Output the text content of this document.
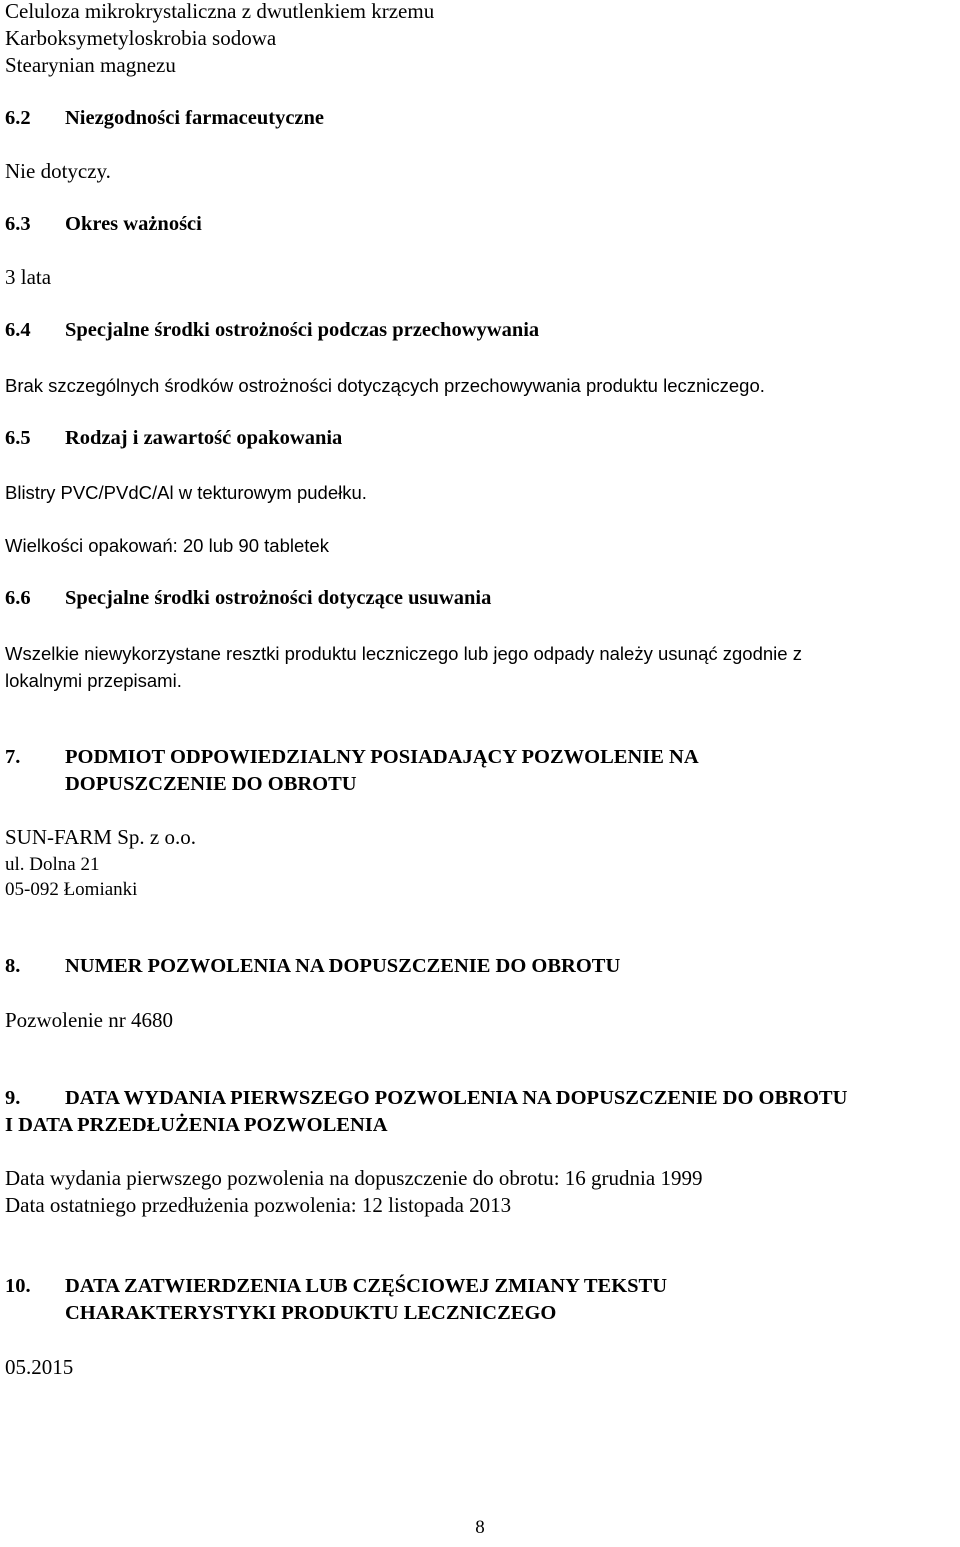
Celuloza mikrokrystaliczna z dwutlenkiem krzemu
Karboksymetyloskrobia sodowa
Stearynian magnezu
6.2 Niezgodności farmaceutyczne
Nie dotyczy.
6.3 Okres ważności
3 lata
6.4 Specjalne środki ostrożności podczas przechowywania
Brak szczególnych środków ostrożności dotyczących przechowywania produktu leczniczego.
6.5 Rodzaj i zawartość opakowania
Blistry PVC/PVdC/Al w tekturowym pudełku.
Wielkości opakowań: 20 lub 90 tabletek
6.6 Specjalne środki ostrożności dotyczące usuwania
Wszelkie niewykorzystane resztki produktu leczniczego lub jego odpady należy usunąć zgodnie z
lokalnymi przepisami.
7. PODMIOT ODPOWIEDZIALNY POSIADAJĄCY POZWOLENIE NA
DOPUSZCZENIE DO OBROTU
SUN-FARM Sp. z o.o.
ul. Dolna 21
05-092 Łomianki
8. NUMER POZWOLENIA NA DOPUSZCZENIE DO OBROTU
Pozwolenie nr 4680
9. DATA WYDANIA PIERWSZEGO POZWOLENIA NA DOPUSZCZENIE DO OBROTU
I DATA PRZEDŁUŻENIA POZWOLENIA
Data wydania pierwszego pozwolenia na dopuszczenie do obrotu: 16 grudnia 1999
Data ostatniego przedłużenia pozwolenia: 12 listopada 2013
10. DATA ZATWIERDZENIA LUB CZĘŚCIOWEJ ZMIANY TEKSTU
CHARAKTERYSTYKI PRODUKTU LECZNICZEGO
05.2015
8
